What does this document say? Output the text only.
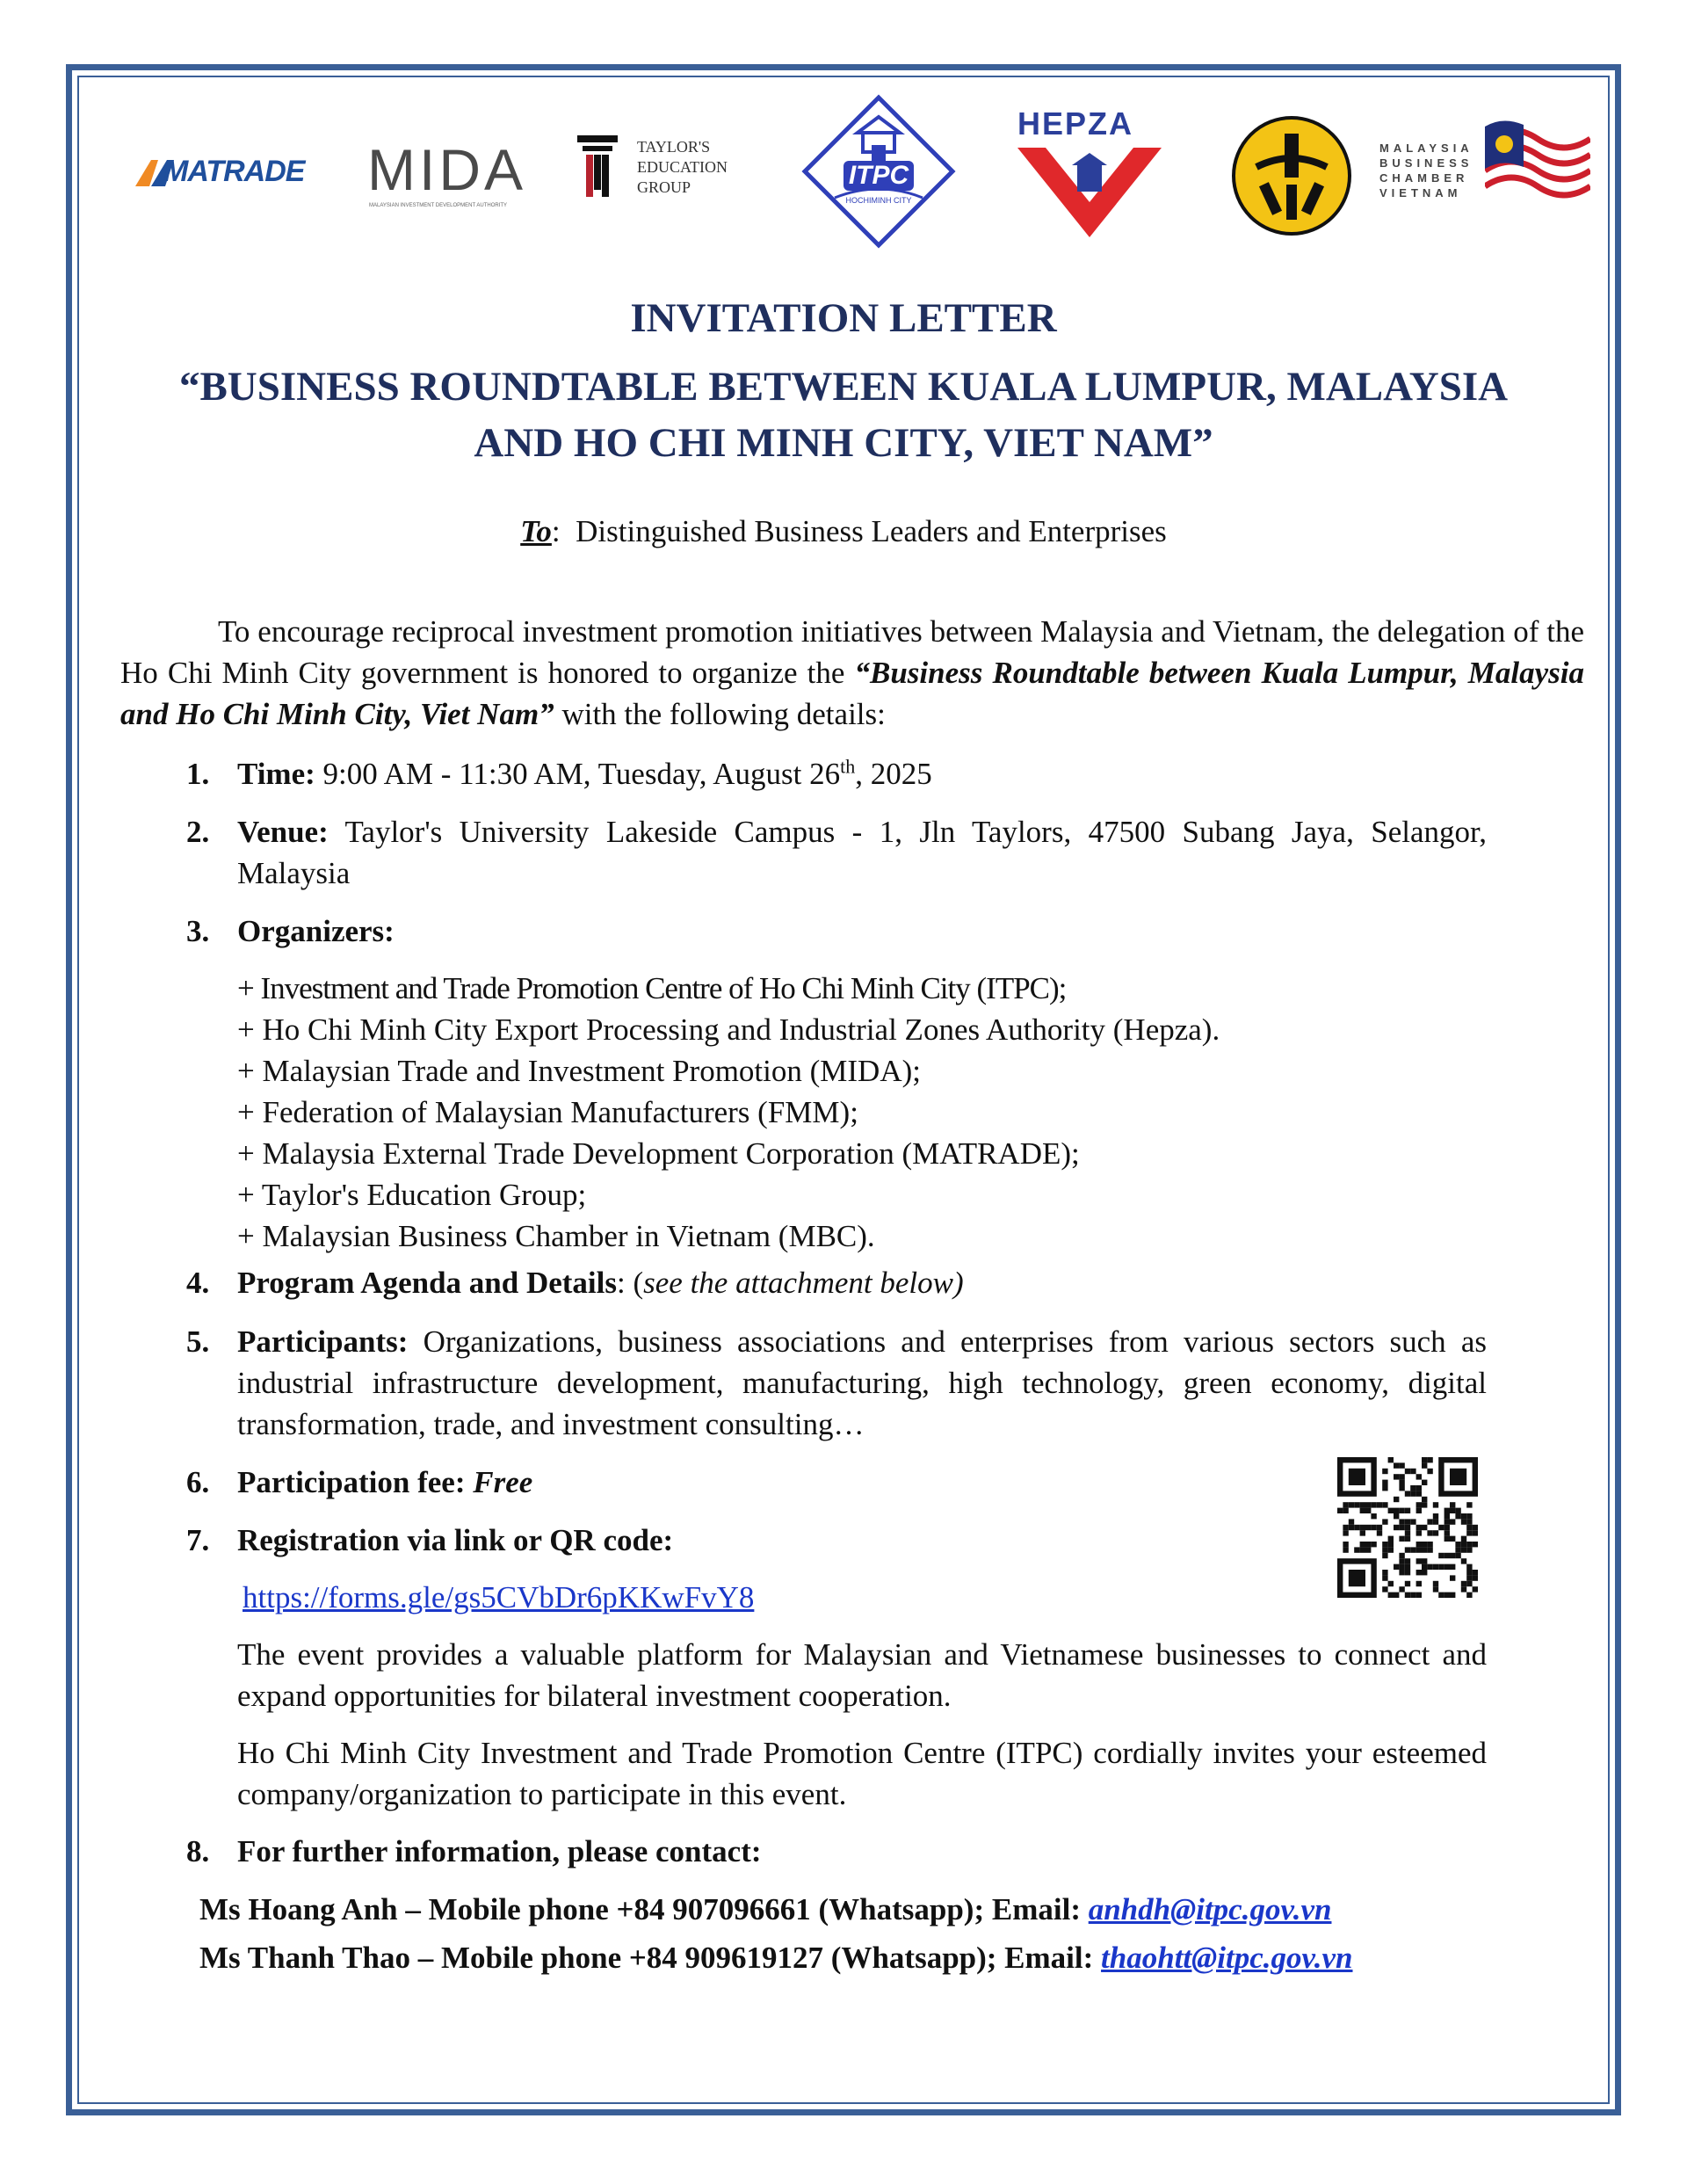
MATRADE MIDA
MALAYSIAN INVESTMENT DEVELOPMENT AUTHORITY
TAYLOR'S
EDUCATION
GROUP	ITPC
HOCHIMINH CITY
HEPZA
MALAYSIA
BUSINESS
CHAMBER
VIETNAM
INVITATION LETTER
“BUSINESS ROUNDTABLE BETWEEN KUALA LUMPUR, MALAYSIA
AND HO CHI MINH CITY, VIET NAM”
To: Distinguished Business Leaders and Enterprises
To encourage reciprocal investment promotion initiatives between Malaysia and Vietnam, the delegation of the Ho Chi Minh City government is honored to organize the “Business Roundtable between Kuala Lumpur, Malaysia and Ho Chi Minh City, Viet Nam” with the following details:
1. Time: 9:00 AM - 11:30 AM, Tuesday, August 26th, 2025
2. Venue: Taylor's University Lakeside Campus - 1, Jln Taylors, 47500 Subang Jaya, Selangor, Malaysia
3. Organizers:
+ Investment and Trade Promotion Centre of Ho Chi Minh City (ITPC);
+ Ho Chi Minh City Export Processing and Industrial Zones Authority (Hepza).
+ Malaysian Trade and Investment Promotion (MIDA);
+ Federation of Malaysian Manufacturers (FMM);
+ Malaysia External Trade Development Corporation (MATRADE);
+ Taylor's Education Group;
+ Malaysian Business Chamber in Vietnam (MBC).
4. Program Agenda and Details: (see the attachment below)
5. Participants: Organizations, business associations and enterprises from various sectors such as industrial infrastructure development, manufacturing, high technology, green economy, digital transformation, trade, and investment consulting…
6. Participation fee: Free
7. Registration via link or QR code:
https://forms.gle/gs5CVbDr6pKKwFvY8
The event provides a valuable platform for Malaysian and Vietnamese businesses to connect and expand opportunities for bilateral investment cooperation.
Ho Chi Minh City Investment and Trade Promotion Centre (ITPC) cordially invites your esteemed company/organization to participate in this event.
8. For further information, please contact:
Ms Hoang Anh – Mobile phone +84 907096661 (Whatsapp); Email: anhdh@itpc.gov.vn
Ms Thanh Thao – Mobile phone +84 909619127 (Whatsapp); Email: thaohtt@itpc.gov.vn
